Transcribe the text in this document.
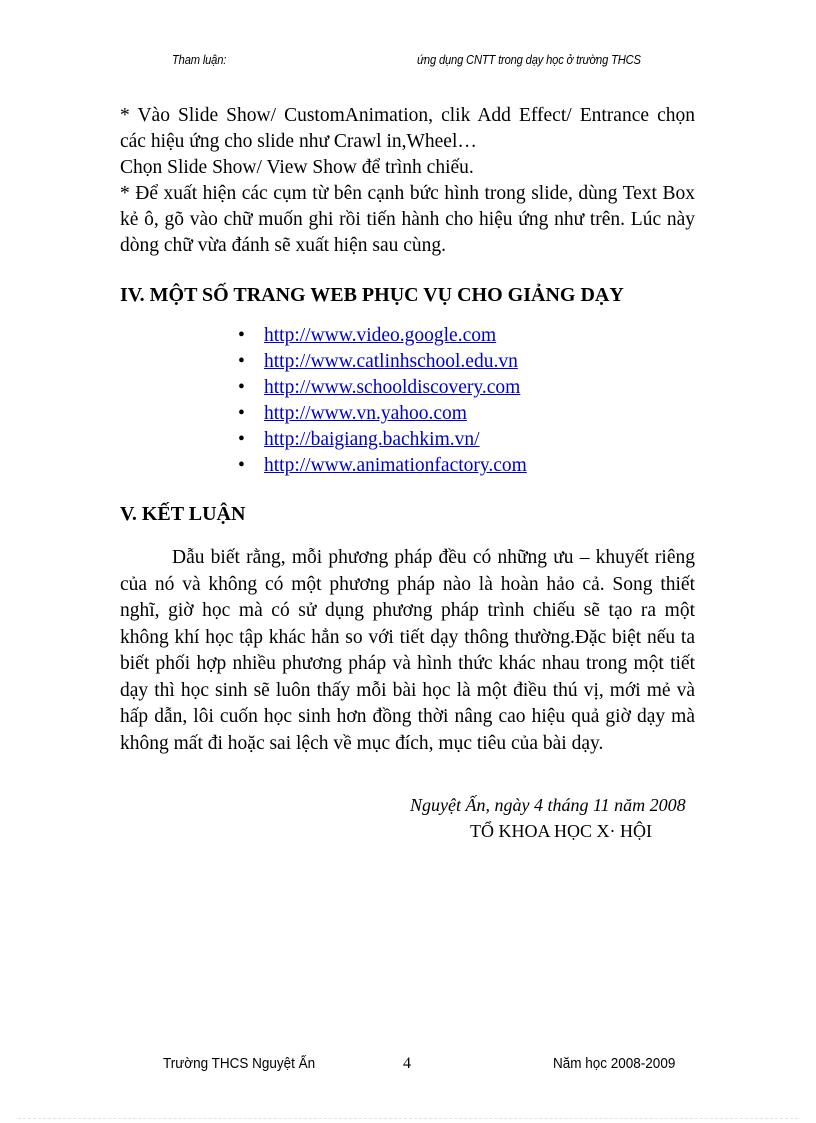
Tham luận:	ứng dụng CNTT trong dạy học ở trường THCS

* Vào Slide Show/ CustomAnimation, clik Add Effect/ Entrance chọn các hiệu ứng cho slide như Crawl in,Wheel…

Chọn Slide Show/ View Show để trình chiếu.

* Để xuất hiện các cụm từ bên cạnh bức hình trong slide, dùng Text Box kẻ ô, gõ vào chữ muốn ghi rồi tiến hành cho hiệu ứng như trên. Lúc này dòng chữ vừa đánh sẽ xuất hiện sau cùng.

IV. MỘT SỐ TRANG WEB PHỤC VỤ CHO GIẢNG DẠY
• http://www.video.google.com
• http://www.catlinhschool.edu.vn
• http://www.schooldiscovery.com
• http://www.vn.yahoo.com
• http://baigiang.bachkim.vn/
• http://www.animationfactory.com
V. KẾT LUẬN

Dẫu biết rằng, mỗi phương pháp đều có những ưu – khuyết riêng của nó và không có một phương pháp nào là hoàn hảo cả. Song thiết nghĩ, giờ học mà có sử dụng phương pháp trình chiếu sẽ tạo ra một không khí học tập khác hẳn so với tiết dạy thông thường.Đặc biệt nếu ta biết phối hợp nhiều phương pháp và hình thức khác nhau trong một tiết dạy thì học sinh sẽ luôn thấy mỗi bài học là một điều thú vị, mới mẻ và hấp dẫn, lôi cuốn học sinh hơn đồng thời nâng cao hiệu quả giờ dạy mà không mất đi hoặc sai lệch về mục đích, mục tiêu của bài dạy.

Nguyệt Ấn, ngày 4 tháng 11 năm 2008
TỔ KHOA HỌC X· HỘI
Trường THCS Nguyệt Ấn	4	Năm học 2008-2009
